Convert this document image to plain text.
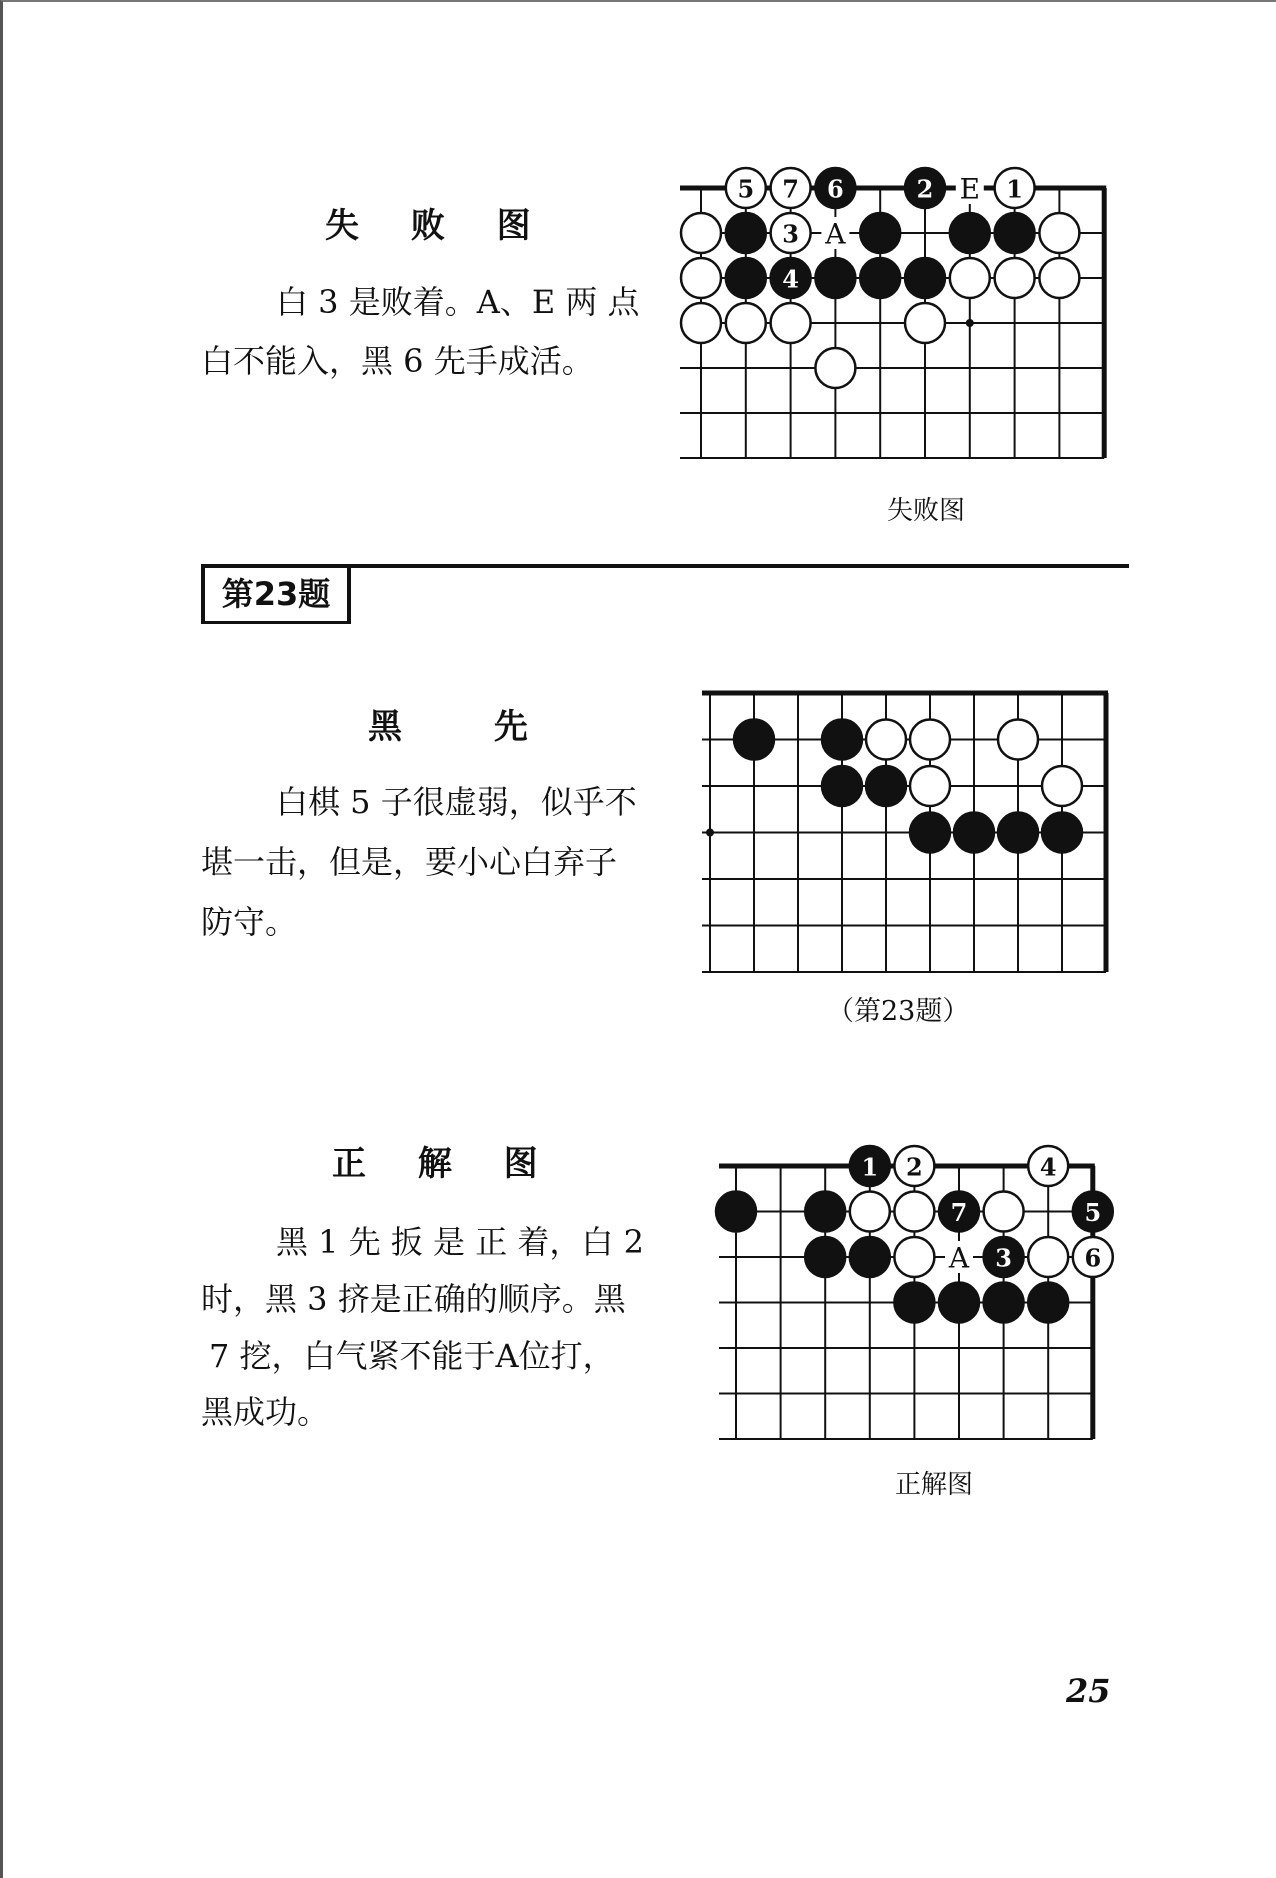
失 败 图
白 3 是败着。A、E 两 点
白不能入，黑 6 先手成活。
A
E
5 7 6	2	1
3
4
失败图
第23题
黑 先
白棋 5 子很虚弱，似乎不
堪一击，但是，要小心白弃子
防守。
（第23题）
正 解 图
黑 1 先 扳 是 正 着，白 2
时，黑 3 挤是正确的顺序。黑
7 挖，白气紧不能于A位打，
黑成功。
A
1 2	4
7	5
3	6
正解图
25
